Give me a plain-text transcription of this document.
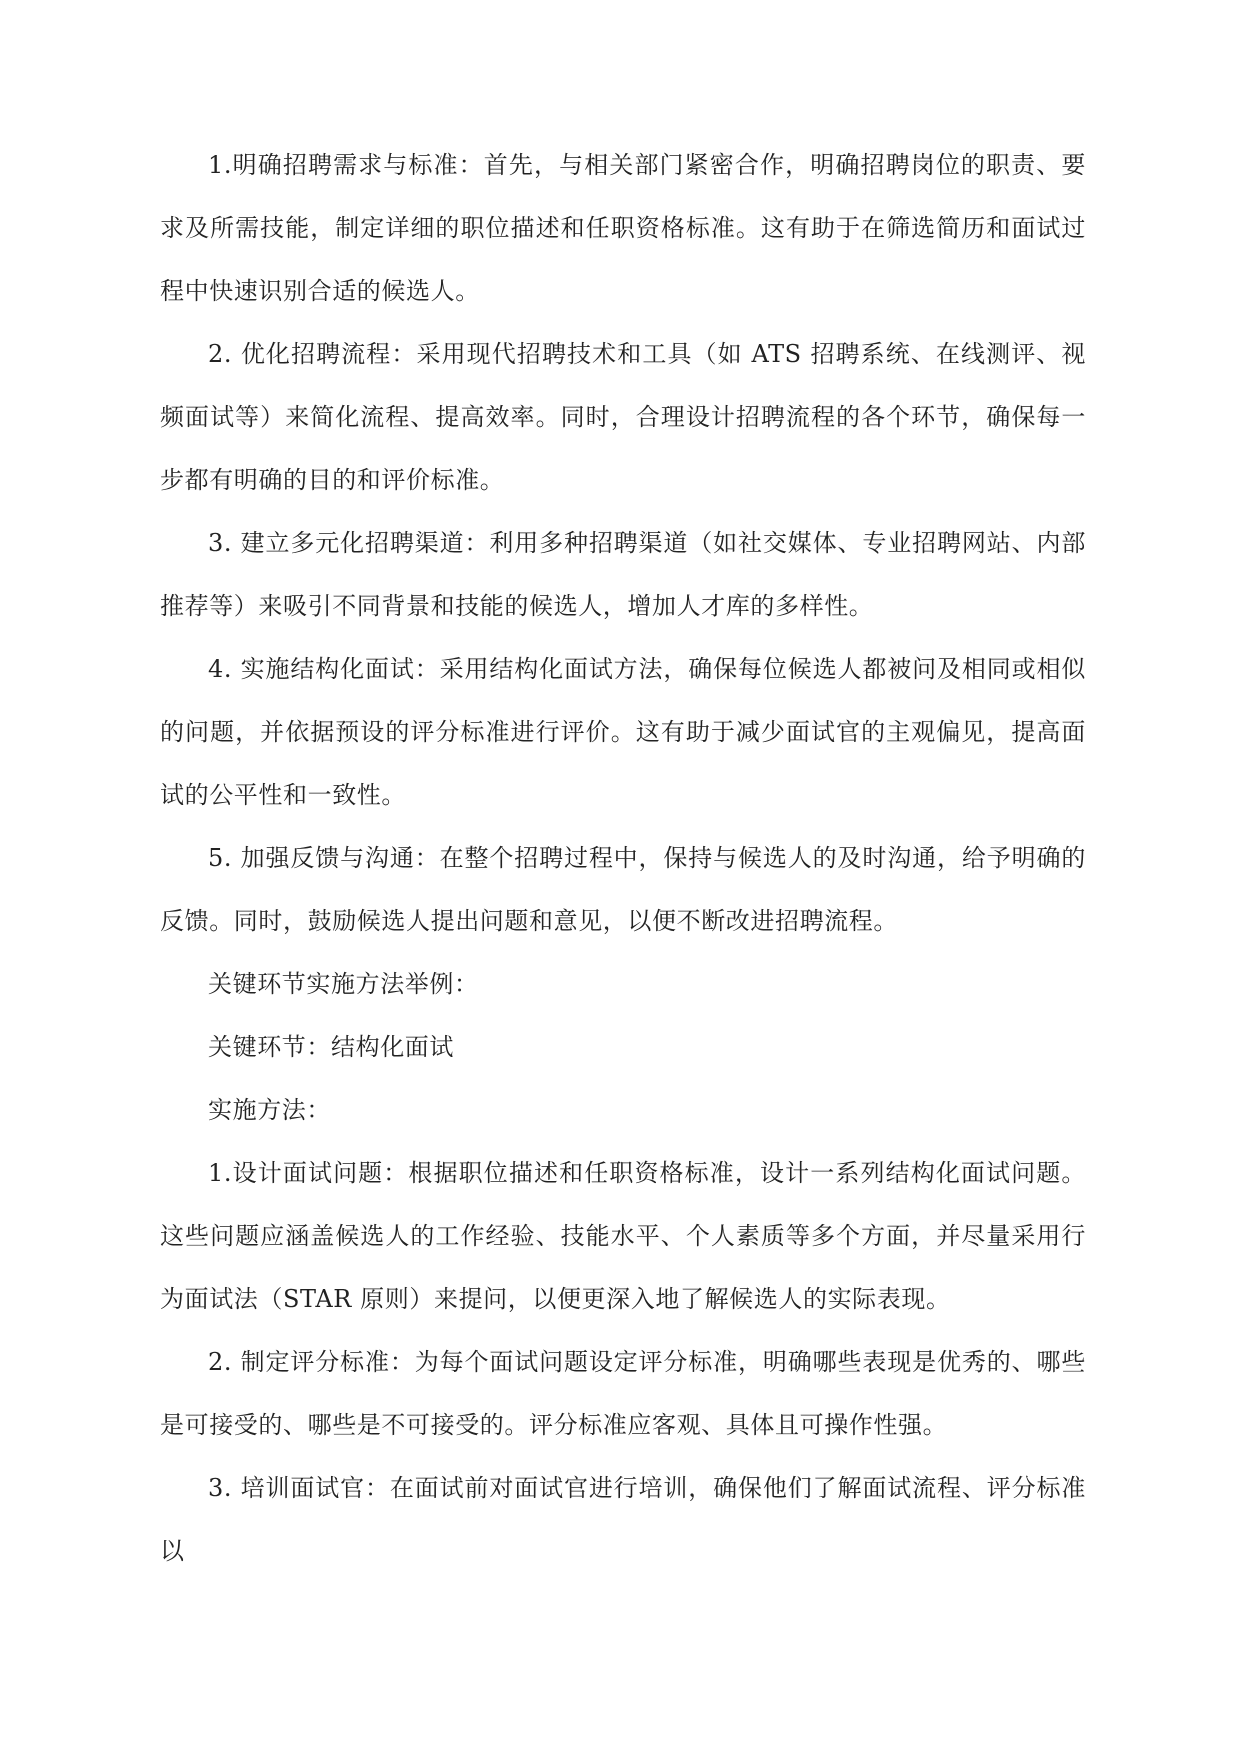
1.明确招聘需求与标准：首先，与相关部门紧密合作，明确招聘岗位的职责、要求及所需技能，制定详细的职位描述和任职资格标准。这有助于在筛选简历和面试过程中快速识别合适的候选人。

2. 优化招聘流程：采用现代招聘技术和工具（如 ATS 招聘系统、在线测评、视频面试等）来简化流程、提高效率。同时，合理设计招聘流程的各个环节，确保每一步都有明确的目的和评价标准。

3. 建立多元化招聘渠道：利用多种招聘渠道（如社交媒体、专业招聘网站、内部推荐等）来吸引不同背景和技能的候选人，增加人才库的多样性。

4. 实施结构化面试：采用结构化面试方法，确保每位候选人都被问及相同或相似的问题，并依据预设的评分标准进行评价。这有助于减少面试官的主观偏见，提高面试的公平性和一致性。

5. 加强反馈与沟通：在整个招聘过程中，保持与候选人的及时沟通，给予明确的反馈。同时，鼓励候选人提出问题和意见，以便不断改进招聘流程。

关键环节实施方法举例：

关键环节：结构化面试

实施方法：

1.设计面试问题：根据职位描述和任职资格标准，设计一系列结构化面试问题。这些问题应涵盖候选人的工作经验、技能水平、个人素质等多个方面，并尽量采用行为面试法（STAR 原则）来提问，以便更深入地了解候选人的实际表现。

2. 制定评分标准：为每个面试问题设定评分标准，明确哪些表现是优秀的、哪些是可接受的、哪些是不可接受的。评分标准应客观、具体且可操作性强。

3. 培训面试官：在面试前对面试官进行培训，确保他们了解面试流程、评分标准以
